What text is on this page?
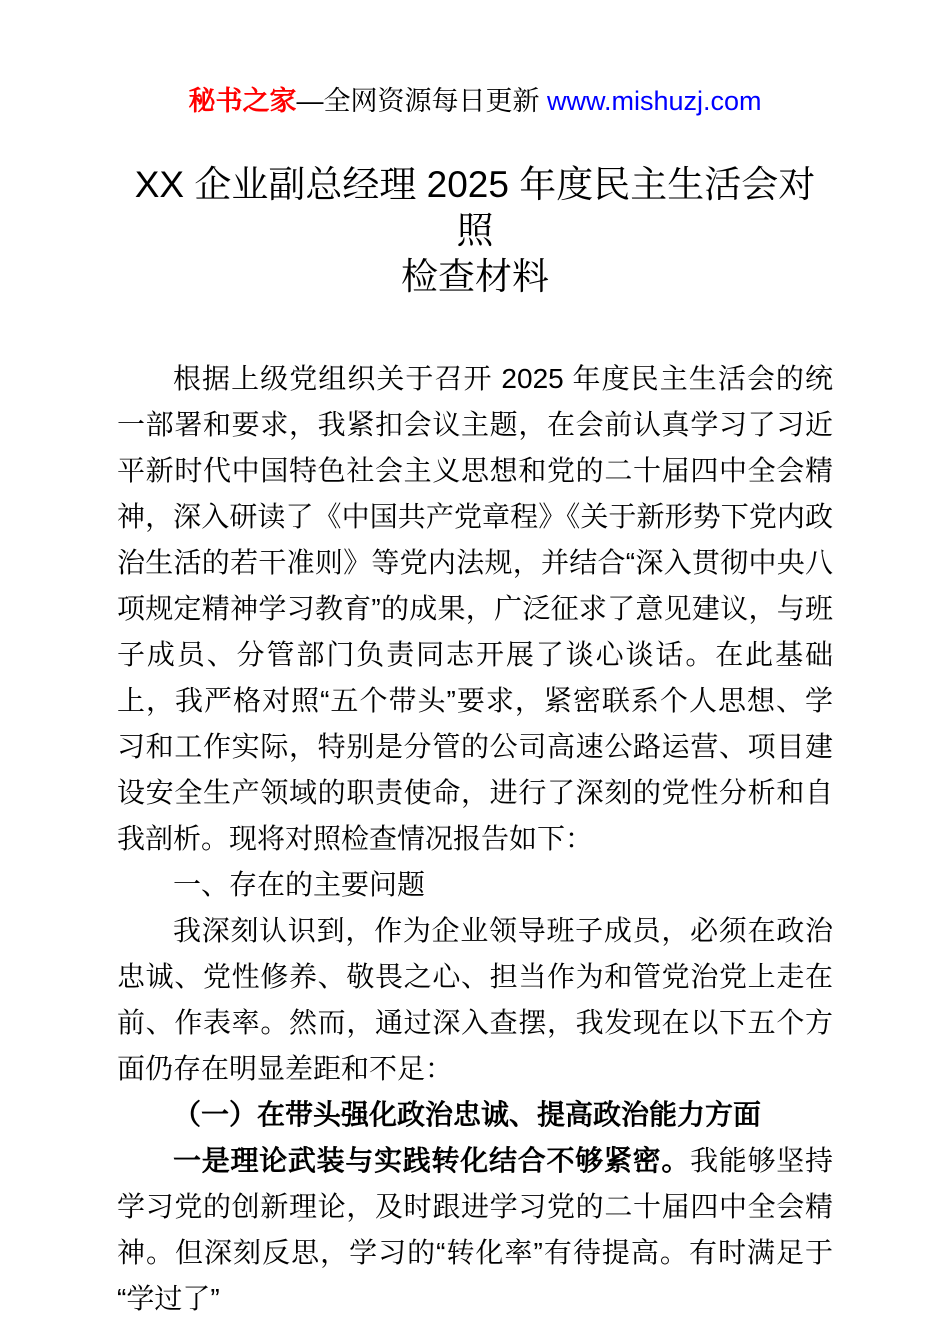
秘书之家—全网资源每日更新 www.mishuzj.com
XX 企业副总经理 2025 年度民主生活会对照
检查材料

根据上级党组织关于召开 2025 年度民主生活会的统一部署和要求，我紧扣会议主题，在会前认真学习了习近平新时代中国特色社会主义思想和党的二十届四中全会精神，深入研读了《中国共产党章程》《关于新形势下党内政治生活的若干准则》等党内法规，并结合“深入贯彻中央八项规定精神学习教育”的成果，广泛征求了意见建议，与班子成员、分管部门负责同志开展了谈心谈话。在此基础上，我严格对照“五个带头”要求，紧密联系个人思想、学习和工作实际，特别是分管的公司高速公路运营、项目建设安全生产领域的职责使命，进行了深刻的党性分析和自我剖析。现将对照检查情况报告如下：

一、存在的主要问题

我深刻认识到，作为企业领导班子成员，必须在政治忠诚、党性修养、敬畏之心、担当作为和管党治党上走在前、作表率。然而，通过深入查摆，我发现在以下五个方面仍存在明显差距和不足：

（一）在带头强化政治忠诚、提高政治能力方面

一是理论武装与实践转化结合不够紧密。我能够坚持学习党的创新理论，及时跟进学习党的二十届四中全会精神。但深刻反思，学习的“转化率”有待提高。有时满足于“学过了”
